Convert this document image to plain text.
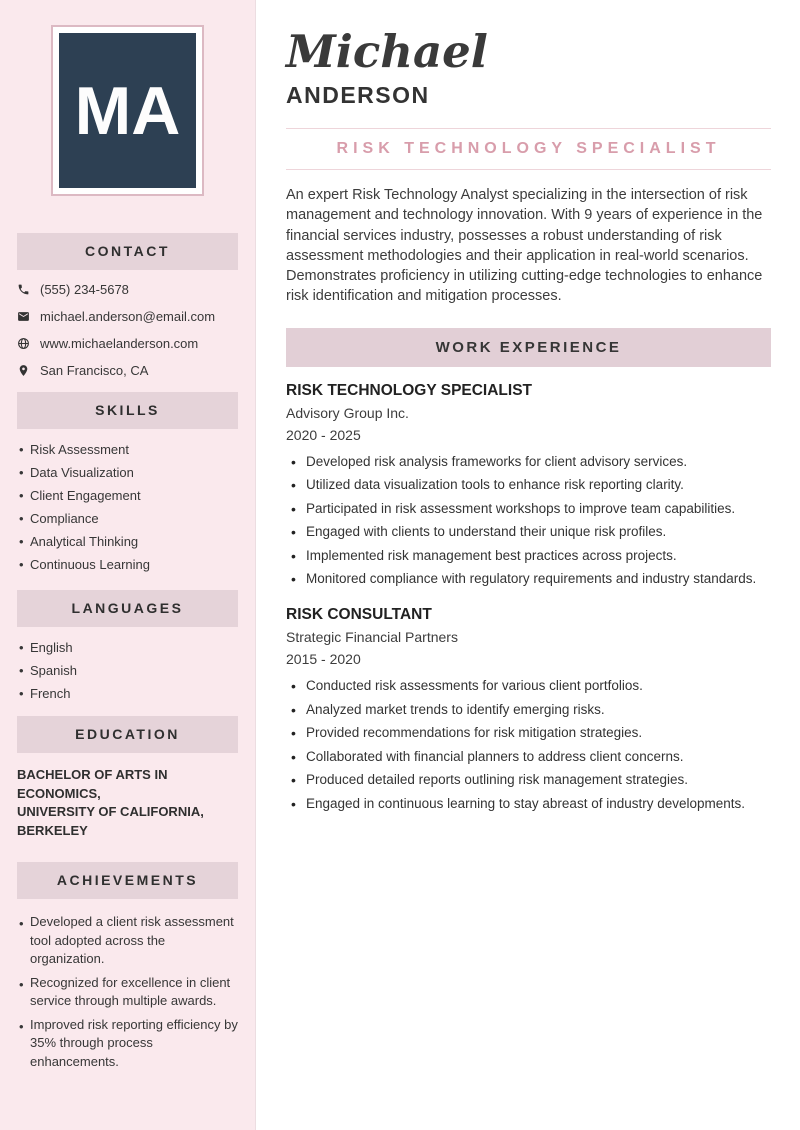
MA
CONTACT
(555) 234-5678
michael.anderson@email.com
www.michaelanderson.com
San Francisco, CA
SKILLS
• Risk Assessment
• Data Visualization
• Client Engagement
• Compliance
• Analytical Thinking
• Continuous Learning
LANGUAGES
• English
• Spanish
• French
EDUCATION
BACHELOR OF ARTS IN ECONOMICS,
UNIVERSITY OF CALIFORNIA,
BERKELEY
ACHIEVEMENTS
• Developed a client risk assessment tool adopted across the organization.
• Recognized for excellence in client service through multiple awards.
• Improved risk reporting efficiency by 35% through process enhancements.
Michael
ANDERSON
RISK TECHNOLOGY SPECIALIST

An expert Risk Technology Analyst specializing in the intersection of risk management and technology innovation. With 9 years of experience in the financial services industry, possesses a robust understanding of risk assessment methodologies and their application in real-world scenarios. Demonstrates proficiency in utilizing cutting-edge technologies to enhance risk identification and mitigation processes.

WORK EXPERIENCE
RISK TECHNOLOGY SPECIALIST
Advisory Group Inc.
2020 - 2025
• Developed risk analysis frameworks for client advisory services.
• Utilized data visualization tools to enhance risk reporting clarity.
• Participated in risk assessment workshops to improve team capabilities.
• Engaged with clients to understand their unique risk profiles.
• Implemented risk management best practices across projects.
• Monitored compliance with regulatory requirements and industry standards.
RISK CONSULTANT
Strategic Financial Partners
2015 - 2020
• Conducted risk assessments for various client portfolios.
• Analyzed market trends to identify emerging risks.
• Provided recommendations for risk mitigation strategies.
• Collaborated with financial planners to address client concerns.
• Produced detailed reports outlining risk management strategies.
• Engaged in continuous learning to stay abreast of industry developments.
